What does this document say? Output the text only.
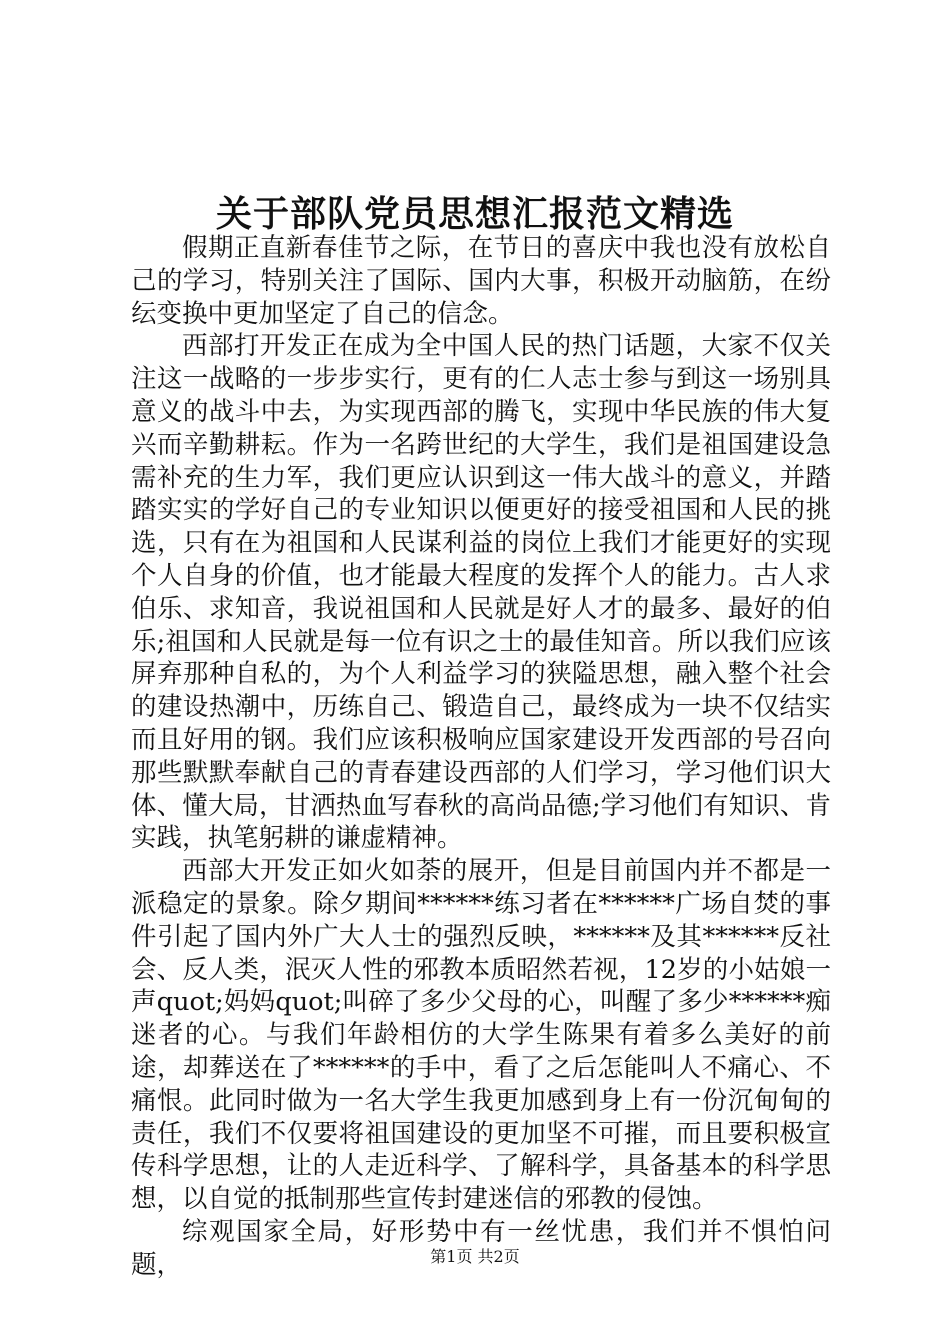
关于部队党员思想汇报范文精选

假期正直新春佳节之际，在节日的喜庆中我也没有放松自己的学习，特别关注了国际、国内大事，积极开动脑筋，在纷纭变换中更加坚定了自己的信念。

西部打开发正在成为全中国人民的热门话题，大家不仅关注这一战略的一步步实行，更有的仁人志士参与到这一场别具意义的战斗中去，为实现西部的腾飞，实现中华民族的伟大复兴而辛勤耕耘。作为一名跨世纪的大学生，我们是祖国建设急需补充的生力军，我们更应认识到这一伟大战斗的意义，并踏踏实实的学好自己的专业知识以便更好的接受祖国和人民的挑选，只有在为祖国和人民谋利益的岗位上我们才能更好的实现个人自身的价值，也才能最大程度的发挥个人的能力。古人求伯乐、求知音，我说祖国和人民就是好人才的最多、最好的伯乐;祖国和人民就是每一位有识之士的最佳知音。所以我们应该屏弃那种自私的，为个人利益学习的狭隘思想，融入整个社会的建设热潮中，历练自己、锻造自己，最终成为一块不仅结实而且好用的钢。我们应该积极响应国家建设开发西部的号召向那些默默奉献自己的青春建设西部的人们学习，学习他们识大体、懂大局，甘洒热血写春秋的高尚品德;学习他们有知识、肯实践，执笔躬耕的谦虚精神。

西部大开发正如火如荼的展开，但是目前国内并不都是一派稳定的景象。除夕期间******练习者在******广场自焚的事件引起了国内外广大人士的强烈反映，******及其******反社会、反人类，泯灭人性的邪教本质昭然若视，12岁的小姑娘一声quot;妈妈quot;叫碎了多少父母的心，叫醒了多少******痴迷者的心。与我们年龄相仿的大学生陈果有着多么美好的前途，却葬送在了******的手中，看了之后怎能叫人不痛心、不痛恨。此同时做为一名大学生我更加感到身上有一份沉甸甸的责任，我们不仅要将祖国建设的更加坚不可摧，而且要积极宣传科学思想，让的人走近科学、了解科学，具备基本的科学思想，以自觉的抵制那些宣传封建迷信的邪教的侵蚀。

综观国家全局，好形势中有一丝忧患，我们并不惧怕问题，	第1页 共2页
